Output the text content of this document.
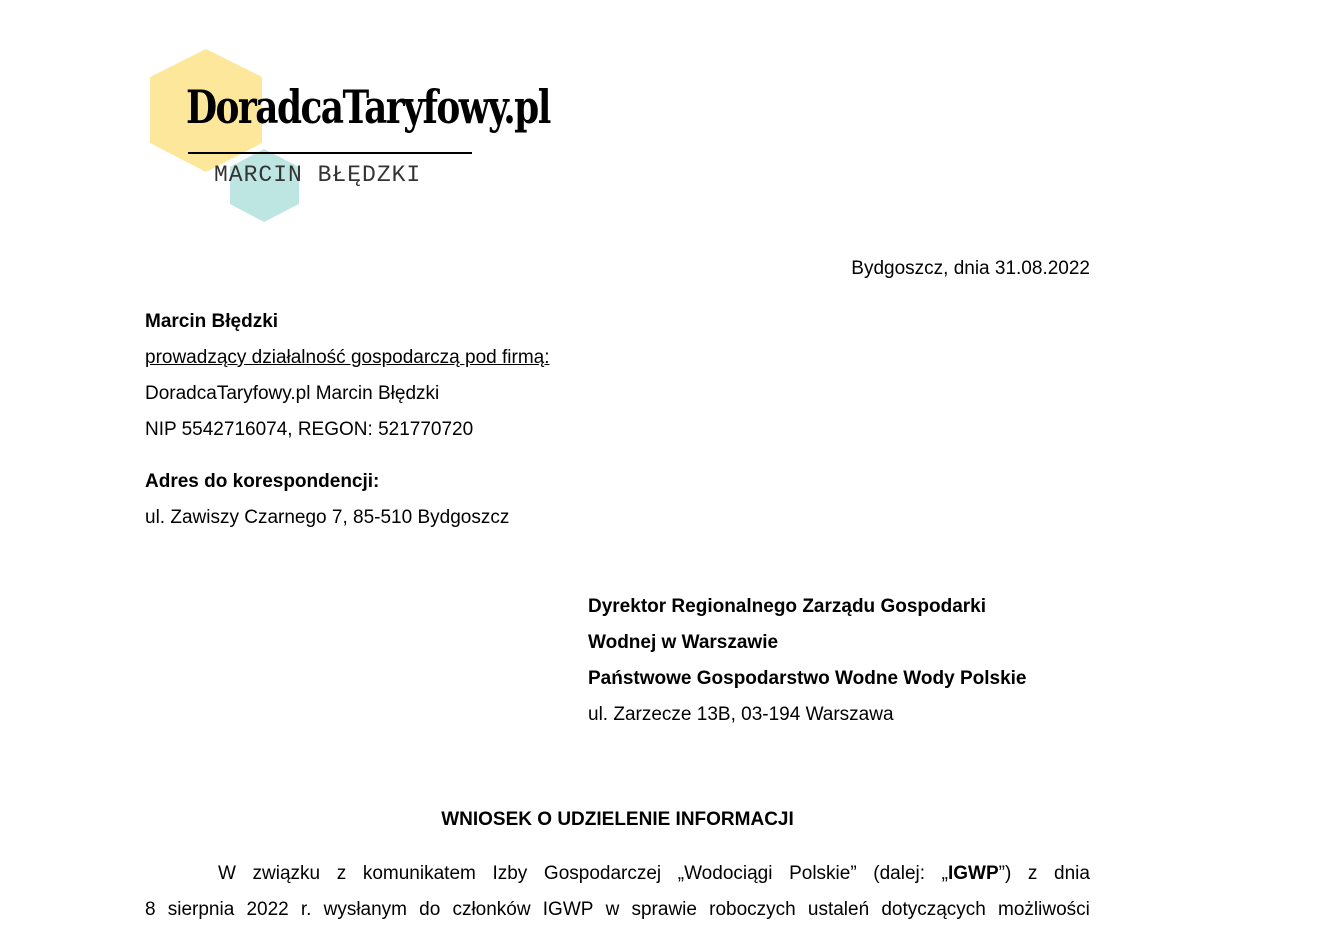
DoradcaTaryfowy.pl
MARCIN BŁĘDZKI
Bydgoszcz, dnia 31.08.2022
Marcin Błędzki
prowadzący działalność gospodarczą pod firmą:
DoradcaTaryfowy.pl Marcin Błędzki
NIP 5542716074, REGON: 521770720
Adres do korespondencji:
ul. Zawiszy Czarnego 7, 85-510 Bydgoszcz
Dyrektor Regionalnego Zarządu Gospodarki
Wodnej w Warszawie
Państwowe Gospodarstwo Wodne Wody Polskie
ul. Zarzecze 13B, 03-194 Warszawa
WNIOSEK O UDZIELENIE INFORMACJI
W związku z komunikatem Izby Gospodarczej „Wodociągi Polskie” (dalej: „IGWP”) z dnia
8 sierpnia 2022 r. wysłanym do członków IGWP w sprawie roboczych ustaleń dotyczących możliwości
